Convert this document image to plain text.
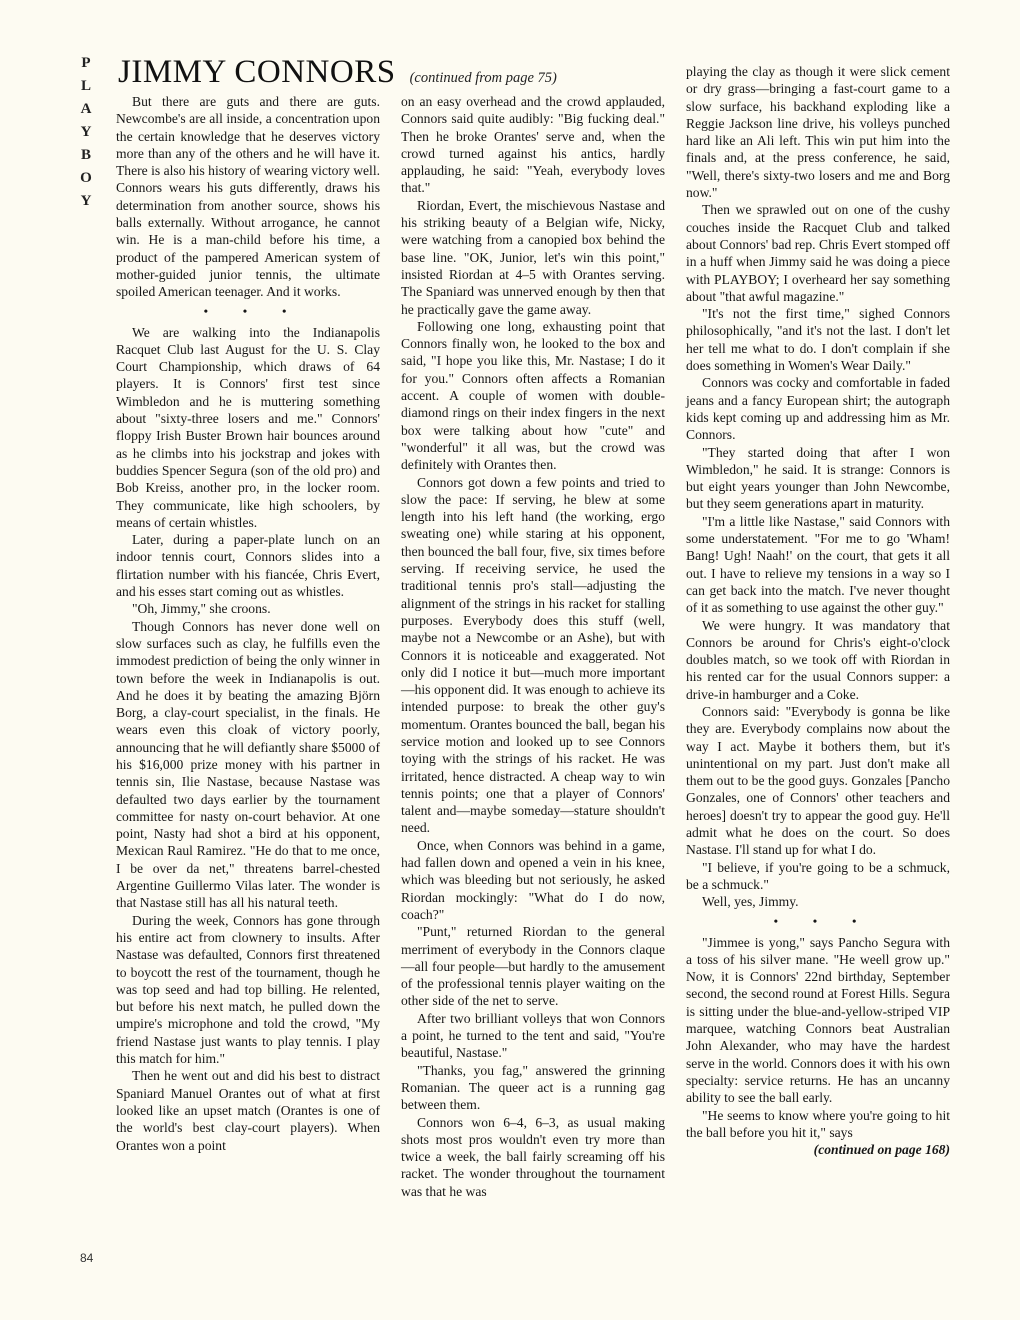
P
L
A
Y
B
O
Y
JIMMY CONNORS (continued from page 75)

But there are guts and there are guts. Newcombe's are all inside, a concentration upon the certain knowledge that he deserves victory more than any of the others and he will have it. There is also his history of wearing victory well. Connors wears his guts differently, draws his determination from another source, shows his balls externally. Without arrogance, he cannot win. He is a man-child before his time, a product of the pampered American system of mother-guided junior tennis, the ultimate spoiled American teenager. And it works.

• • •

We are walking into the Indianapolis Racquet Club last August for the U. S. Clay Court Championship, which draws of 64 players. It is Connors' first test since Wimbledon and he is muttering something about "sixty-three losers and me." Connors' floppy Irish Buster Brown hair bounces around as he climbs into his jockstrap and jokes with buddies Spencer Segura (son of the old pro) and Bob Kreiss, another pro, in the locker room. They communicate, like high schoolers, by means of certain whistles.

Later, during a paper-plate lunch on an indoor tennis court, Connors slides into a flirtation number with his fiancée, Chris Evert, and his esses start coming out as whistles.

"Oh, Jimmy," she croons.

Though Connors has never done well on slow surfaces such as clay, he fulfills even the immodest prediction of being the only winner in town before the week in Indianapolis is out. And he does it by beating the amazing Björn Borg, a clay-court specialist, in the finals. He wears even this cloak of victory poorly, announcing that he will defiantly share $5000 of his $16,000 prize money with his partner in tennis sin, Ilie Nastase, because Nastase was defaulted two days earlier by the tournament committee for nasty on-court behavior. At one point, Nasty had shot a bird at his opponent, Mexican Raul Ramirez. "He do that to me once, I be over da net," threatens barrel-chested Argentine Guillermo Vilas later. The wonder is that Nastase still has all his natural teeth.

During the week, Connors has gone through his entire act from clownery to insults. After Nastase was defaulted, Connors first threatened to boycott the rest of the tournament, though he was top seed and had top billing. He relented, but before his next match, he pulled down the umpire's microphone and told the crowd, "My friend Nastase just wants to play tennis. I play this match for him."

Then he went out and did his best to distract Spaniard Manuel Orantes out of what at first looked like an upset match (Orantes is one of the world's best clay-court players). When Orantes won a point

on an easy overhead and the crowd applauded, Connors said quite audibly: "Big fucking deal." Then he broke Orantes' serve and, when the crowd turned against his antics, hardly applauding, he said: "Yeah, everybody loves that."

Riordan, Evert, the mischievous Nastase and his striking beauty of a Belgian wife, Nicky, were watching from a canopied box behind the base line. "OK, Junior, let's win this point," insisted Riordan at 4–5 with Orantes serving. The Spaniard was unnerved enough by then that he practically gave the game away.

Following one long, exhausting point that Connors finally won, he looked to the box and said, "I hope you like this, Mr. Nastase; I do it for you." Connors often affects a Romanian accent. A couple of women with double-diamond rings on their index fingers in the next box were talking about how "cute" and "wonderful" it all was, but the crowd was definitely with Orantes then.

Connors got down a few points and tried to slow the pace: If serving, he blew at some length into his left hand (the working, ergo sweating one) while staring at his opponent, then bounced the ball four, five, six times before serving. If receiving service, he used the traditional tennis pro's stall—adjusting the alignment of the strings in his racket for stalling purposes. Everybody does this stuff (well, maybe not a Newcombe or an Ashe), but with Connors it is noticeable and exaggerated. Not only did I notice it but—much more important—his opponent did. It was enough to achieve its intended purpose: to break the other guy's momentum. Orantes bounced the ball, began his service motion and looked up to see Connors toying with the strings of his racket. He was irritated, hence distracted. A cheap way to win tennis points; one that a player of Connors' talent and—maybe someday—stature shouldn't need.

Once, when Connors was behind in a game, had fallen down and opened a vein in his knee, which was bleeding but not seriously, he asked Riordan mockingly: "What do I do now, coach?"

"Punt," returned Riordan to the general merriment of everybody in the Connors claque—all four people—but hardly to the amusement of the professional tennis player waiting on the other side of the net to serve.

After two brilliant volleys that won Connors a point, he turned to the tent and said, "You're beautiful, Nastase."

"Thanks, you fag," answered the grinning Romanian. The queer act is a running gag between them.

Connors won 6–4, 6–3, as usual making shots most pros wouldn't even try more than twice a week, the ball fairly screaming off his racket. The wonder throughout the tournament was that he was

playing the clay as though it were slick cement or dry grass—bringing a fast-court game to a slow surface, his backhand exploding like a Reggie Jackson line drive, his volleys punched hard like an Ali left. This win put him into the finals and, at the press conference, he said, "Well, there's sixty-two losers and me and Borg now."

Then we sprawled out on one of the cushy couches inside the Racquet Club and talked about Connors' bad rep. Chris Evert stomped off in a huff when Jimmy said he was doing a piece with PLAYBOY; I overheard her say something about "that awful magazine."

"It's not the first time," sighed Connors philosophically, "and it's not the last. I don't let her tell me what to do. I don't complain if she does something in Women's Wear Daily."

Connors was cocky and comfortable in faded jeans and a fancy European shirt; the autograph kids kept coming up and addressing him as Mr. Connors.

"They started doing that after I won Wimbledon," he said. It is strange: Connors is but eight years younger than John Newcombe, but they seem generations apart in maturity.

"I'm a little like Nastase," said Connors with some understatement. "For me to go 'Wham! Bang! Ugh! Naah!' on the court, that gets it all out. I have to relieve my tensions in a way so I can get back into the match. I've never thought of it as something to use against the other guy."

We were hungry. It was mandatory that Connors be around for Chris's eight-o'clock doubles match, so we took off with Riordan in his rented car for the usual Connors supper: a drive-in hamburger and a Coke.

Connors said: "Everybody is gonna be like they are. Everybody complains now about the way I act. Maybe it bothers them, but it's unintentional on my part. Just don't make all them out to be the good guys. Gonzales [Pancho Gonzales, one of Connors' other teachers and heroes] doesn't try to appear the good guy. He'll admit what he does on the court. So does Nastase. I'll stand up for what I do.

"I believe, if you're going to be a schmuck, be a schmuck."

Well, yes, Jimmy.

• • •

"Jimmee is yong," says Pancho Segura with a toss of his silver mane. "He weell grow up." Now, it is Connors' 22nd birthday, September second, the second round at Forest Hills. Segura is sitting under the blue-and-yellow-striped VIP marquee, watching Connors beat Australian John Alexander, who may have the hardest serve in the world. Connors does it with his own specialty: service returns. He has an uncanny ability to see the ball early.

"He seems to know where you're going to hit the ball before you hit it," says

(continued on page 168)

84
